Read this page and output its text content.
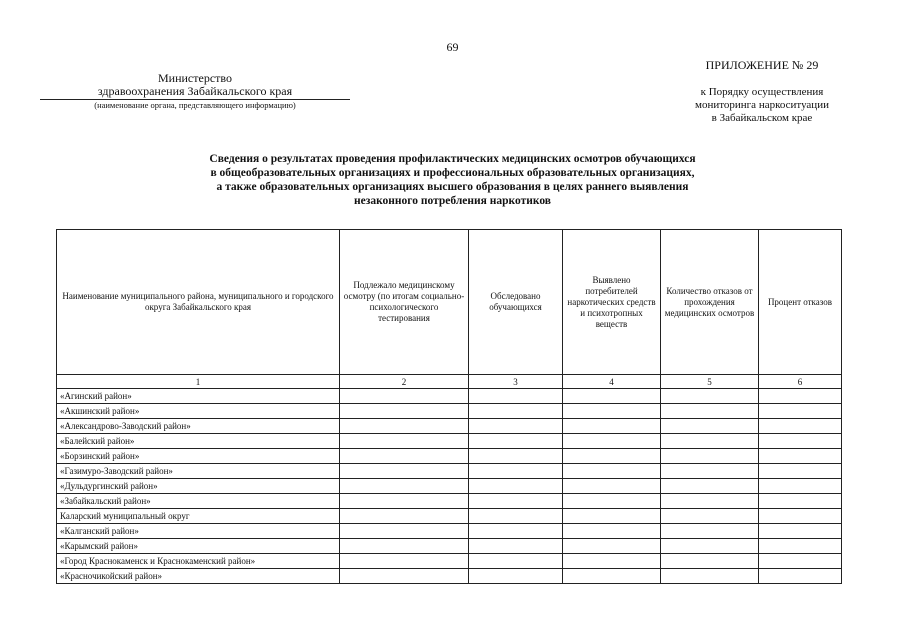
69
Министерство
здравоохранения Забайкальского края
(наименование органа, представляющего информацию)
ПРИЛОЖЕНИЕ № 29
к Порядку осуществления
мониторинга наркоситуации
в Забайкальском крае
Сведения о результатах проведения профилактических медицинских осмотров обучающихся
в общеобразовательных организациях и профессиональных образовательных организациях,
а также образовательных организациях высшего образования в целях раннего выявления
незаконного потребления наркотиков
Наименование муниципального района, муниципального и городского округа Забайкальского края	Подлежало медицинскому осмотру (по итогам социально-психологического тестирования	Обследовано обучающихся	Выявлено потребителей наркотических средств и психотропных веществ	Количество отказов от прохождения медицинских осмотров	Процент отказов
1	2	3	4	5	6
«Агинский район»					
«Акшинский район»					
«Александрово-Заводский район»					
«Балейский район»					
«Борзинский район»					
«Газимуро-Заводский район»					
«Дульдургинский район»					
«Забайкальский район»					
Каларский муниципальный округ					
«Калганский район»					
«Карымский район»					
«Город Краснокаменск и Краснокаменский район»					
«Красночикойский район»					
